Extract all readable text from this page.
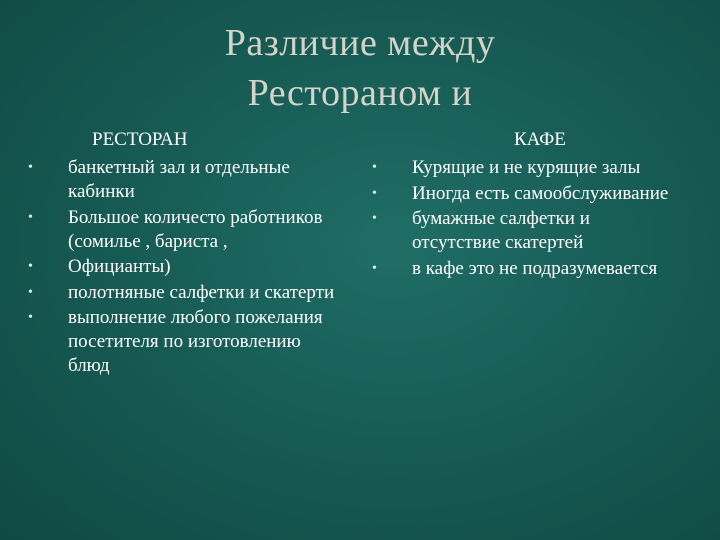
Различие между
Рестораном и
РЕСТОРАН
• банкетный зал и отдельные кабинки
• Большое количесто работников (сомилье , бариста ,
• Официанты)
• полотняные салфетки и скатерти
• выполнение любого пожелания посетителя по изготовлению блюд
КАФЕ
• Курящие и не курящие залы
• Иногда есть самообслуживание
• бумажные салфетки и отсутствие скатертей
• в кафе это не подразумевается
